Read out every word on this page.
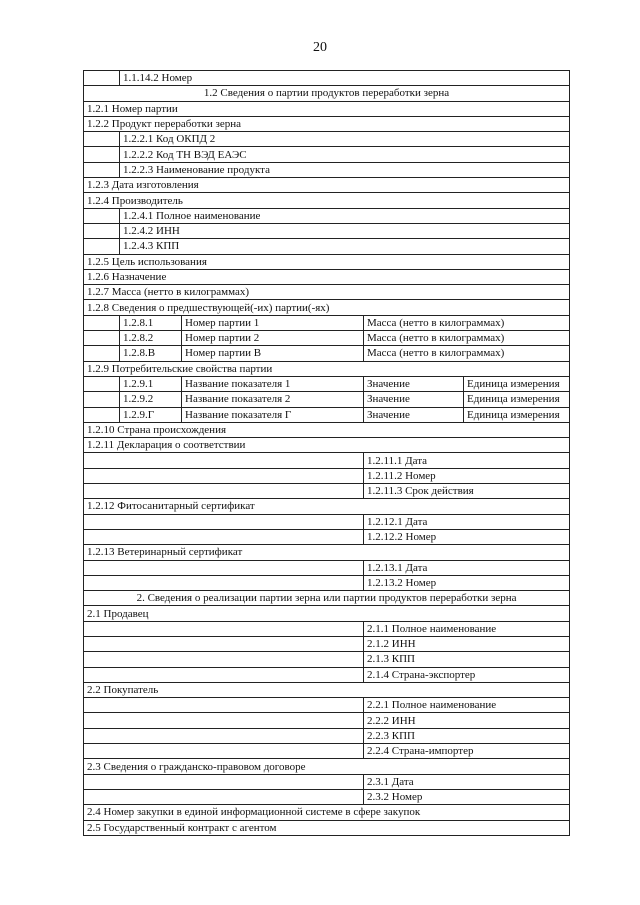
20
	1.1.14.2 Номер			
1.2 Сведения о партии продуктов переработки зерна				
1.2.1 Номер партии				
1.2.2 Продукт переработки зерна				
	1.2.2.1 Код ОКПД 2			
	1.2.2.2 Код ТН ВЭД ЕАЭС			
	1.2.2.3 Наименование продукта			
1.2.3 Дата изготовления				
1.2.4 Производитель				
	1.2.4.1 Полное наименование			
	1.2.4.2 ИНН			
	1.2.4.3 КПП			
1.2.5 Цель использования				
1.2.6 Назначение				
1.2.7 Масса (нетто в килограммах)				
1.2.8 Сведения о предшествующей(-их) партии(-ях)				
	1.2.8.1	Номер партии 1	Масса (нетто в килограммах)	
	1.2.8.2	Номер партии 2	Масса (нетто в килограммах)	
	1.2.8.В	Номер партии В	Масса (нетто в килограммах)	
1.2.9 Потребительские свойства партии				
	1.2.9.1	Название показателя 1	Значение	Единица измерения
	1.2.9.2	Название показателя 2	Значение	Единица измерения
	1.2.9.Г	Название показателя Г	Значение	Единица измерения
1.2.10 Страна происхождения				
1.2.11 Декларация о соответствии				
			1.2.11.1 Дата	
			1.2.11.2 Номер	
			1.2.11.3 Срок действия	
1.2.12 Фитосанитарный сертификат				
			1.2.12.1 Дата	
			1.2.12.2 Номер	
1.2.13 Ветеринарный сертификат				
			1.2.13.1 Дата	
			1.2.13.2 Номер	
2. Сведения о реализации партии зерна или партии продуктов переработки зерна				
2.1 Продавец				
			2.1.1 Полное наименование	
			2.1.2 ИНН	
			2.1.3 КПП	
			2.1.4 Страна-экспортер	
2.2 Покупатель				
			2.2.1 Полное наименование	
			2.2.2 ИНН	
			2.2.3 КПП	
			2.2.4 Страна-импортер	
2.3 Сведения о гражданско-правовом договоре				
			2.3.1 Дата	
			2.3.2 Номер	
2.4 Номер закупки в единой информационной системе в сфере закупок				
2.5 Государственный контракт с агентом				
